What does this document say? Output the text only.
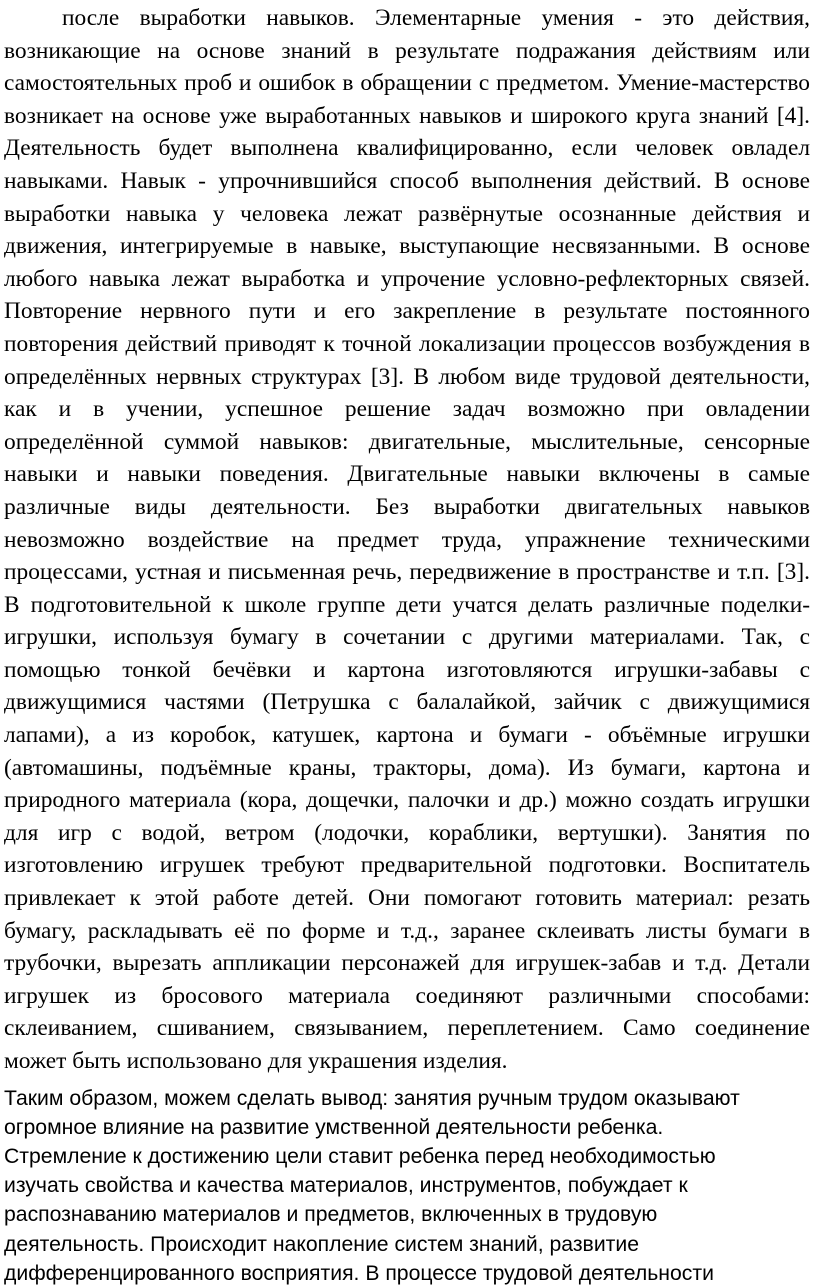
после выработки навыков. Элементарные умения - это действия, возникающие на основе знаний в результате подражания действиям или самостоятельных проб и ошибок в обращении с предметом. Умение-мастерство возникает на основе уже выработанных навыков и широкого круга знаний [4]. Деятельность будет выполнена квалифицированно, если человек овладел навыками. Навык - упрочнившийся способ выполнения действий. В основе выработки навыка у человека лежат развёрнутые осознанные действия и движения, интегрируемые в навыке, выступающие несвязанными. В основе любого навыка лежат выработка и упрочение условно-рефлекторных связей. Повторение нервного пути и его закрепление в результате постоянного повторения действий приводят к точной локализации процессов возбуждения в определённых нервных структурах [3]. В любом виде трудовой деятельности, как и в учении, успешное решение задач возможно при овладении определённой суммой навыков: двигательные, мыслительные, сенсорные навыки и навыки поведения. Двигательные навыки включены в самые различные виды деятельности. Без выработки двигательных навыков невозможно воздействие на предмет труда, упражнение техническими процессами, устная и письменная речь, передвижение в пространстве и т.п. [3]. В подготовительной к школе группе дети учатся делать различные поделки-игрушки, используя бумагу в сочетании с другими материалами. Так, с помощью тонкой бечёвки и картона изготовляются игрушки-забавы с движущимися частями (Петрушка с балалайкой, зайчик с движущимися лапами), а из коробок, катушек, картона и бумаги - объёмные игрушки (автомашины, подъёмные краны, тракторы, дома). Из бумаги, картона и природного материала (кора, дощечки, палочки и др.) можно создать игрушки для игр с водой, ветром (лодочки, кораблики, вертушки). Занятия по изготовлению игрушек требуют предварительной подготовки. Воспитатель привлекает к этой работе детей. Они помогают готовить материал: резать бумагу, раскладывать её по форме и т.д., заранее склеивать листы бумаги в трубочки, вырезать аппликации персонажей для игрушек-забав и т.д. Детали игрушек из бросового материала соединяют различными способами: склеиванием, сшиванием, связыванием, переплетением. Само соединение может быть использовано для украшения изделия.

Таким образом, можем сделать вывод: занятия ручным трудом оказывают огромное влияние на развитие умственной деятельности ребенка. Стремление к достижению цели ставит ребенка перед необходимостью изучать свойства и качества материалов, инструментов, побуждает к распознаванию материалов и предметов, включенных в трудовую деятельность. Происходит накопление систем знаний, развитие дифференцированного восприятия. В процессе трудовой деятельности
